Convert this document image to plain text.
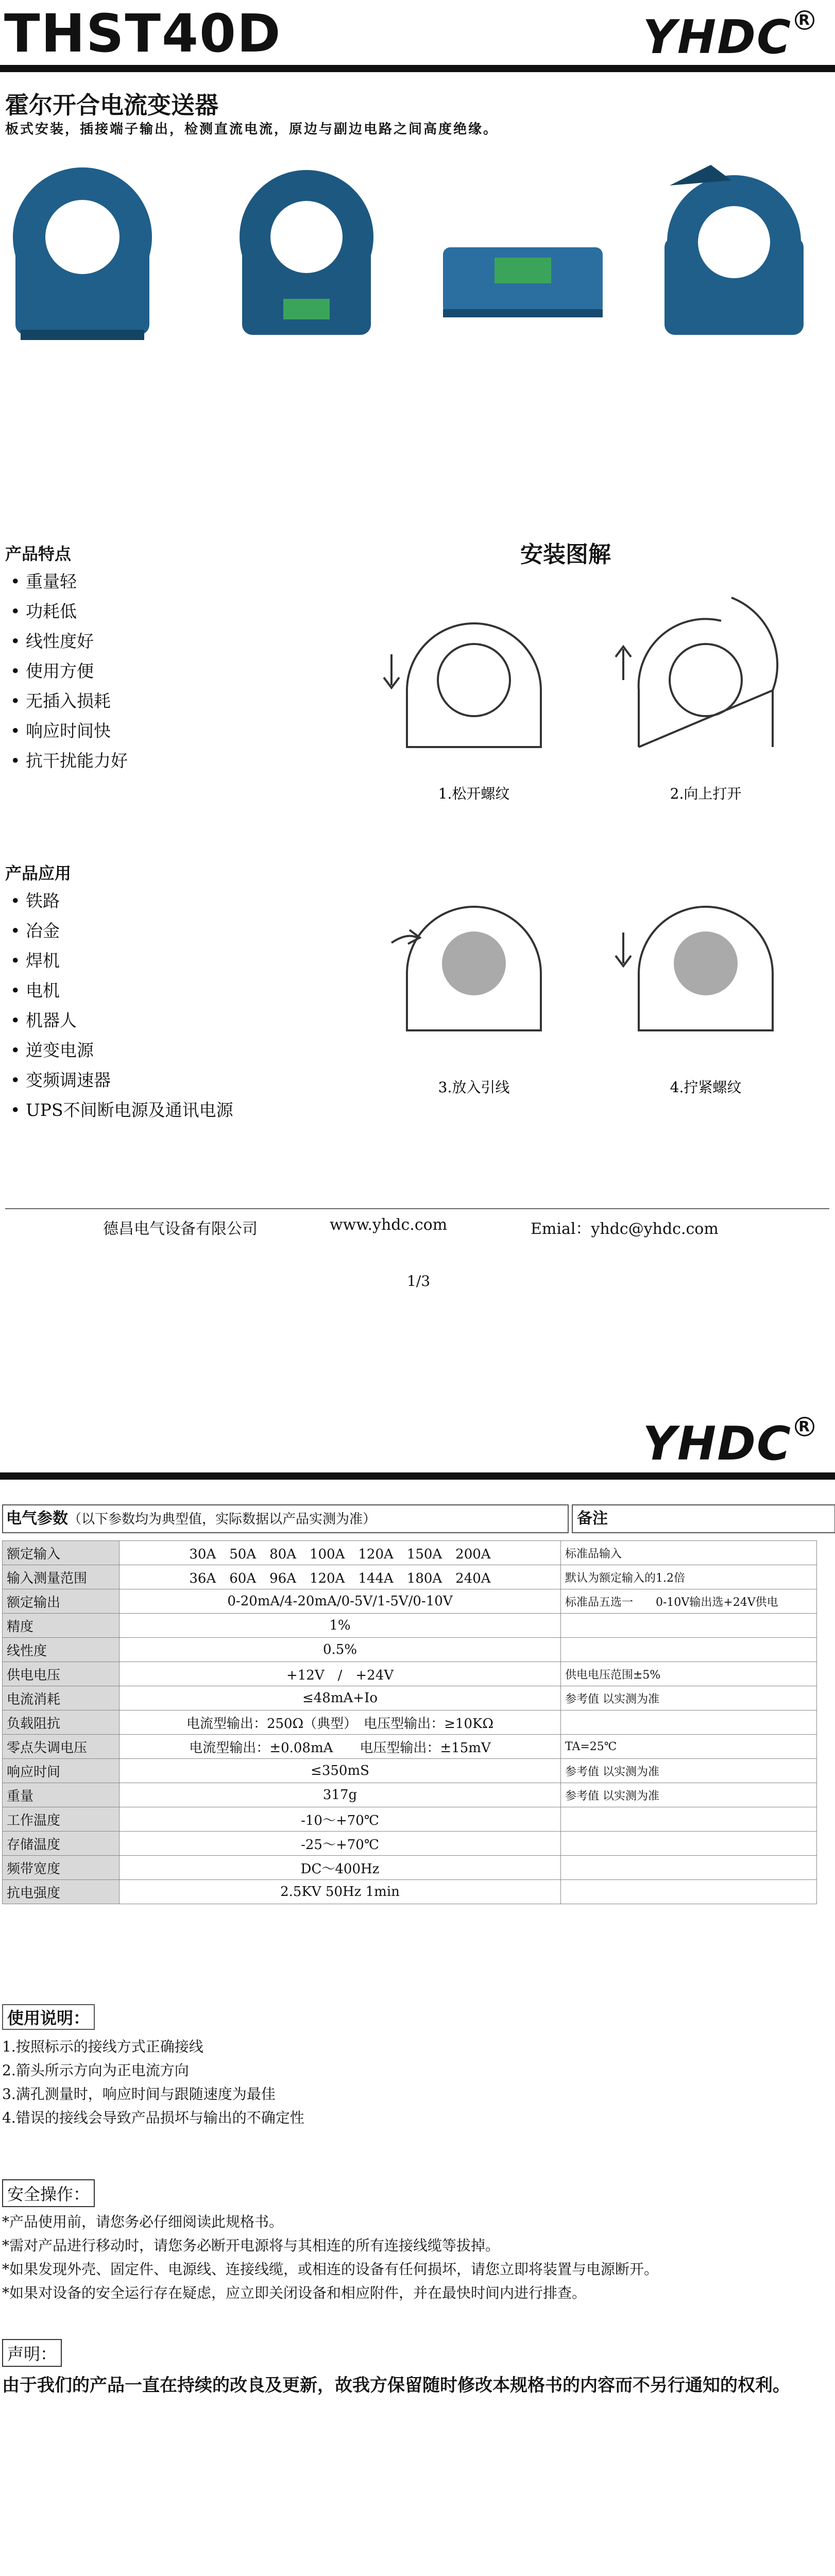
THST40D	YHDC R
霍尔开合电流变送器
板式安装，插接端子输出，检测直流电流，原边与副边电路之间高度绝缘。
产品特点
• 重量轻
• 功耗低
• 线性度好
• 使用方便
• 无插入损耗
• 响应时间快
• 抗干扰能力好
产品应用
• 铁路
• 冶金
• 焊机
• 电机
• 机器人
• 逆变电源
• 变频调速器
• UPS不间断电源及通讯电源
安装图解
1.松开螺纹	2.向上打开
3.放入引线	4.拧紧螺纹
德昌电气设备有限公司	www.yhdc.com	Emial：yhdc@yhdc.com
1/3
YHDC R
电气参数（以下参数均为典型值，实际数据以产品实测为准）	备注
额定输入	30A　50A　80A　100A　120A　150A　200A	标准品输入
输入测量范围	36A　60A　96A　120A　144A　180A　240A	默认为额定输入的1.2倍
额定输出	0-20mA/4-20mA/0-5V/1-5V/0-10V	标准品五选一　　0-10V输出选+24V供电
精度	1%	
线性度	0.5%	
供电电压	+12V　/　+24V	供电电压范围±5%
电流消耗	≤48mA+Io	参考值 以实测为准
负载阻抗	电流型输出：250Ω（典型）　电压型输出：≥10KΩ	
零点失调电压	电流型输出：±0.08mA　　电压型输出：±15mV	TA=25℃
响应时间	≤350mS	参考值 以实测为准
重量	317g	参考值 以实测为准
工作温度	-10～+70℃	
存储温度	-25～+70℃	
频带宽度	DC～400Hz	
抗电强度	2.5KV 50Hz 1min	
使用说明：
1.按照标示的接线方式正确接线
2.箭头所示方向为正电流方向
3.满孔测量时，响应时间与跟随速度为最佳
4.错误的接线会导致产品损坏与输出的不确定性
安全操作：
*产品使用前，请您务必仔细阅读此规格书。
*需对产品进行移动时，请您务必断开电源将与其相连的所有连接线缆等拔掉。
*如果发现外壳、固定件、电源线、连接线缆，或相连的设备有任何损坏，请您立即将装置与电源断开。
*如果对设备的安全运行存在疑虑，应立即关闭设备和相应附件，并在最快时间内进行排查。
声明：
由于我们的产品一直在持续的改良及更新，故我方保留随时修改本规格书的内容而不另行通知的权利。
